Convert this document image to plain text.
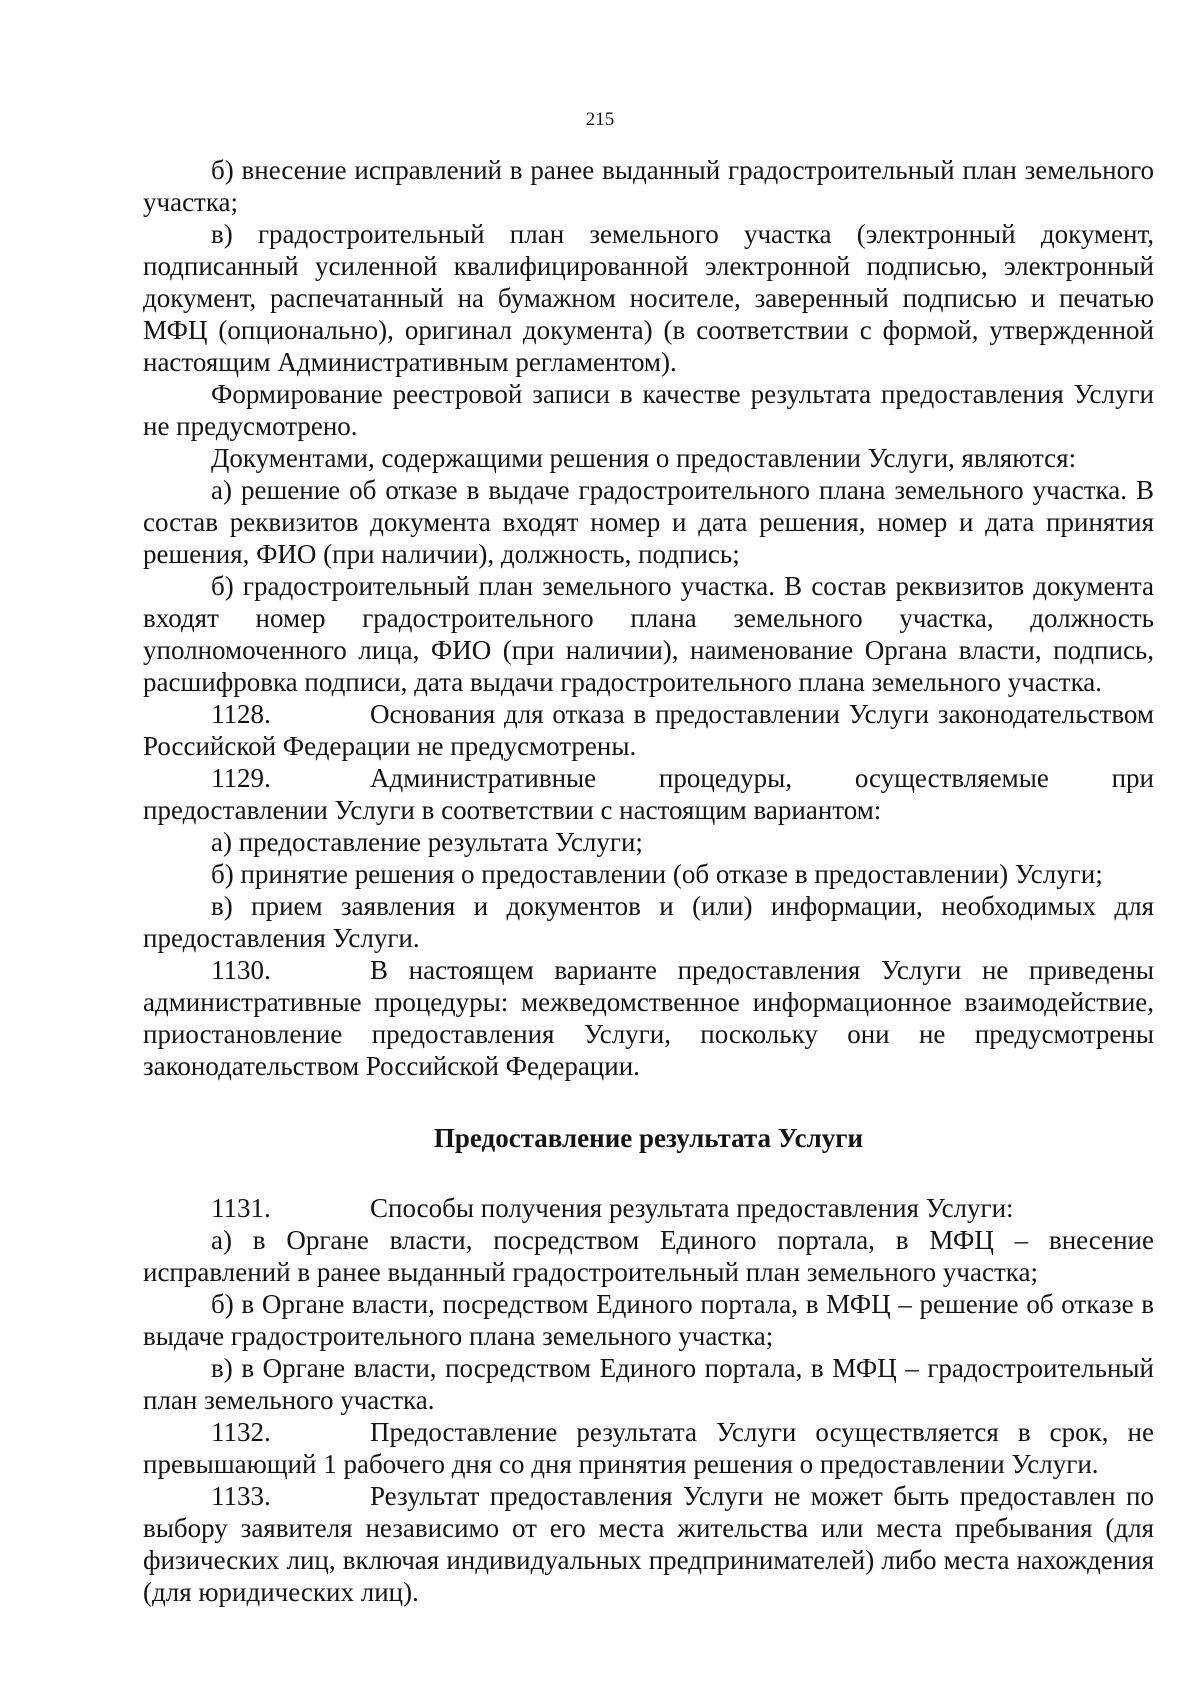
215

б) внесение исправлений в ранее выданный градостроительный план земельного участка;

в) градостроительный план земельного участка (электронный документ, подписанный усиленной квалифицированной электронной подписью, электронный документ, распечатанный на бумажном носителе, заверенный подписью и печатью МФЦ (опционально), оригинал документа) (в соответствии с формой, утвержденной настоящим Административным регламентом).

Формирование реестровой записи в качестве результата предоставления Услуги не предусмотрено.

Документами, содержащими решения о предоставлении Услуги, являются:

а) решение об отказе в выдаче градостроительного плана земельного участка. В состав реквизитов документа входят номер и дата решения, номер и дата принятия решения, ФИО (при наличии), должность, подпись;

б) градостроительный план земельного участка. В состав реквизитов документа входят номер градостроительного плана земельного участка, должность уполномоченного лица, ФИО (при наличии), наименование Органа власти, подпись, расшифровка подписи, дата выдачи градостроительного плана земельного участка.

1128.	Основания для отказа в предоставлении Услуги законодательством Российской Федерации не предусмотрены.

1129.	Административные процедуры, осуществляемые при предоставлении Услуги в соответствии с настоящим вариантом:

а) предоставление результата Услуги;

б) принятие решения о предоставлении (об отказе в предоставлении) Услуги;

в) прием заявления и документов и (или) информации, необходимых для предоставления Услуги.

1130.	В настоящем варианте предоставления Услуги не приведены административные процедуры: межведомственное информационное взаимодействие, приостановление предоставления Услуги, поскольку они не предусмотрены законодательством Российской Федерации.

Предоставление результата Услуги

1131.	Способы получения результата предоставления Услуги:

а) в Органе власти, посредством Единого портала, в МФЦ – внесение исправлений в ранее выданный градостроительный план земельного участка;

б) в Органе власти, посредством Единого портала, в МФЦ – решение об отказе в выдаче градостроительного плана земельного участка;

в) в Органе власти, посредством Единого портала, в МФЦ – градостроительный план земельного участка.

1132.	Предоставление результата Услуги осуществляется в срок, не превышающий 1 рабочего дня со дня принятия решения о предоставлении Услуги.

1133.	Результат предоставления Услуги не может быть предоставлен по выбору заявителя независимо от его места жительства или места пребывания (для физических лиц, включая индивидуальных предпринимателей) либо места нахождения (для юридических лиц).
